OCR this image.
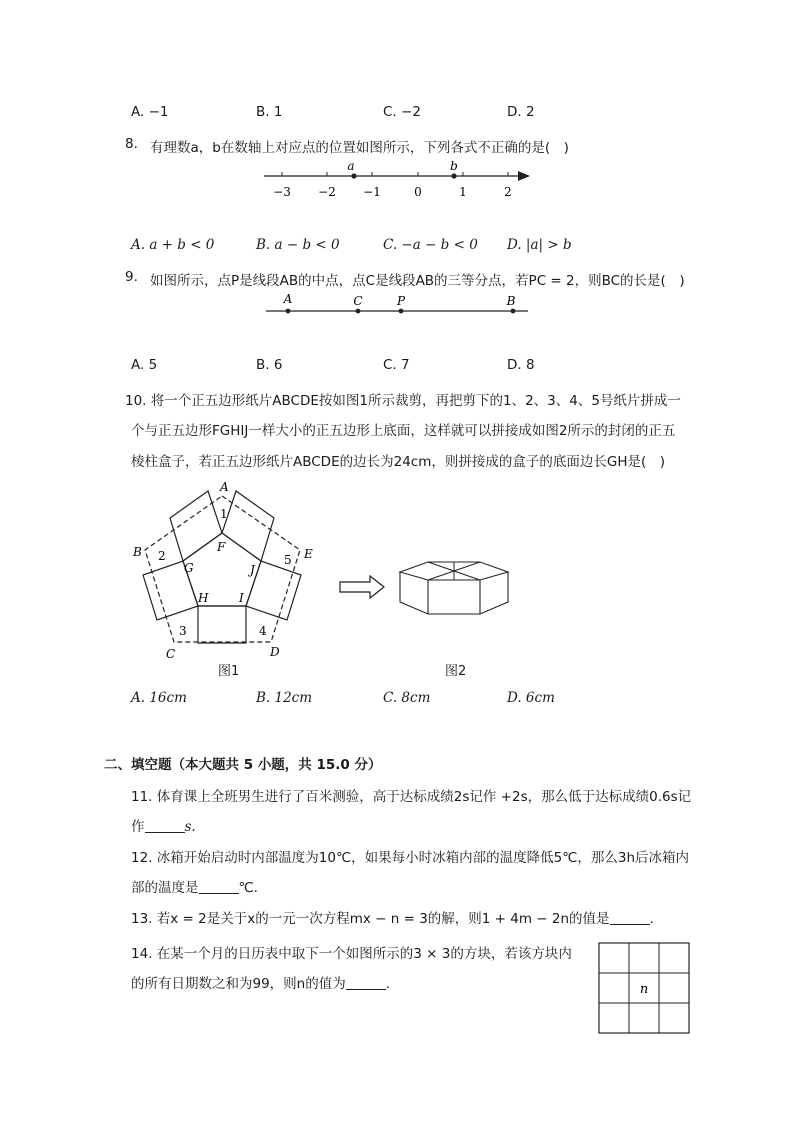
A. −1	B. 1	C. −2	D. 2
8. 有理数a，b在数轴上对应点的位置如图所示，下列各式不正确的是(　)
−3 −2 −1	0	1	2
a	b
A. a + b < 0	B. a − b < 0	C. −a − b < 0 D. |a| > b
9. 如图所示，点P是线段AB的中点，点C是线段AB的三等分点，若PC = 2，则BC的长是(　)
A	C	P	B
A. 5	B. 6	C. 7	D. 8
10. 将一个正五边形纸片ABCDE按如图1所示裁剪，再把剪下的1、2、3、4、5号纸片拼成一
个与正五边形FGHIJ一样大小的正五边形上底面，这样就可以拼接成如图2所示的封闭的正五
棱柱盒子，若正五边形纸片ABCDE的边长为24cm，则拼接成的盒子的底面边长GH是(　)
A
B
C	D
E
F
G
H	I
J
1
2
3	4
5
图1	图2
A. 16cm	B. 12cm	C. 8cm	D. 6cm
二、填空题（本大题共 5 小题，共 15.0 分）
11. 体育课上全班男生进行了百米测验，高于达标成绩2s记作 +2s，那么低于达标成绩0.6s记
作	s.
12. 冰箱开始启动时内部温度为10℃，如果每小时冰箱内部的温度降低5℃，那么3h后冰箱内
部的温度是	℃.
13. 若x = 2是关于x的一元一次方程mx − n = 3的解，则1 + 4m − 2n的值是	.
14. 在某一个月的日历表中取下一个如图所示的3 × 3的方块，若该方块内
的所有日期数之和为99，则n的值为	.	n
